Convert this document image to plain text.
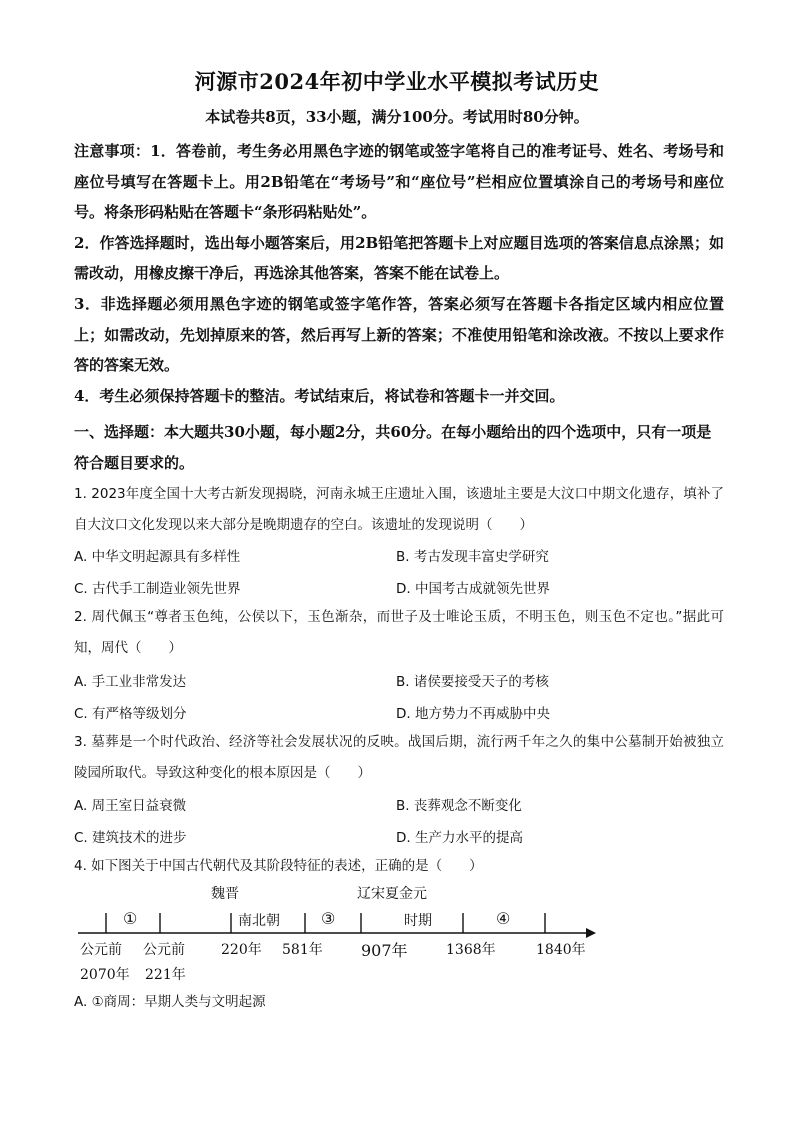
河源市2024年初中学业水平模拟考试历史
本试卷共8页，33小题，满分100分。考试用时80分钟。

注意事项：1．答卷前，考生务必用黑色字迹的钢笔或签字笔将自己的准考证号、姓名、考场号和座位号填写在答题卡上。用2B铅笔在“考场号”和“座位号”栏相应位置填涂自己的考场号和座位号。将条形码粘贴在答题卡“条形码粘贴处”。

2．作答选择题时，选出每小题答案后，用2B铅笔把答题卡上对应题目选项的答案信息点涂黑；如需改动，用橡皮擦干净后，再选涂其他答案，答案不能在试卷上。

3．非选择题必须用黑色字迹的钢笔或签字笔作答，答案必须写在答题卡各指定区域内相应位置上；如需改动，先划掉原来的答，然后再写上新的答案；不准使用铅笔和涂改液。不按以上要求作答的答案无效。

4．考生必须保持答题卡的整洁。考试结束后，将试卷和答题卡一并交回。

一、选择题：本大题共30小题，每小题2分，共60分。在每小题给出的四个选项中，只有一项是符合题目要求的。
1. 2023年度全国十大考古新发现揭晓，河南永城王庄遗址入围，该遗址主要是大汶口中期文化遗存，填补了自大汶口文化发现以来大部分是晚期遗存的空白。该遗址的发现说明（　　）
A. 中华文明起源具有多样性	B. 考古发现丰富史学研究
C. 古代手工制造业领先世界	D. 中国考古成就领先世界
2. 周代佩玉“尊者玉色纯，公侯以下，玉色渐杂，而世子及士唯论玉质，不明玉色，则玉色不定也。”据此可知，周代（　　）
A. 手工业非常发达	B. 诸侯要接受天子的考核
C. 有严格等级划分	D. 地方势力不再威胁中央
3. 墓葬是一个时代政治、经济等社会发展状况的反映。战国后期，流行两千年之久的集中公墓制开始被独立陵园所取代。导致这种变化的根本原因是（　　）
A. 周王室日益衰微	B. 丧葬观念不断变化
C. 建筑技术的进步	D. 生产力水平的提高
4. 如下图关于中国古代朝代及其阶段特征的表述，正确的是（　　）
魏晋	辽宋夏金元
①	南北朝	③	时期	④
公元前 公元前	220年 581年 907年	1368年	1840年
2070年 221年
A. ①商周：早期人类与文明起源
